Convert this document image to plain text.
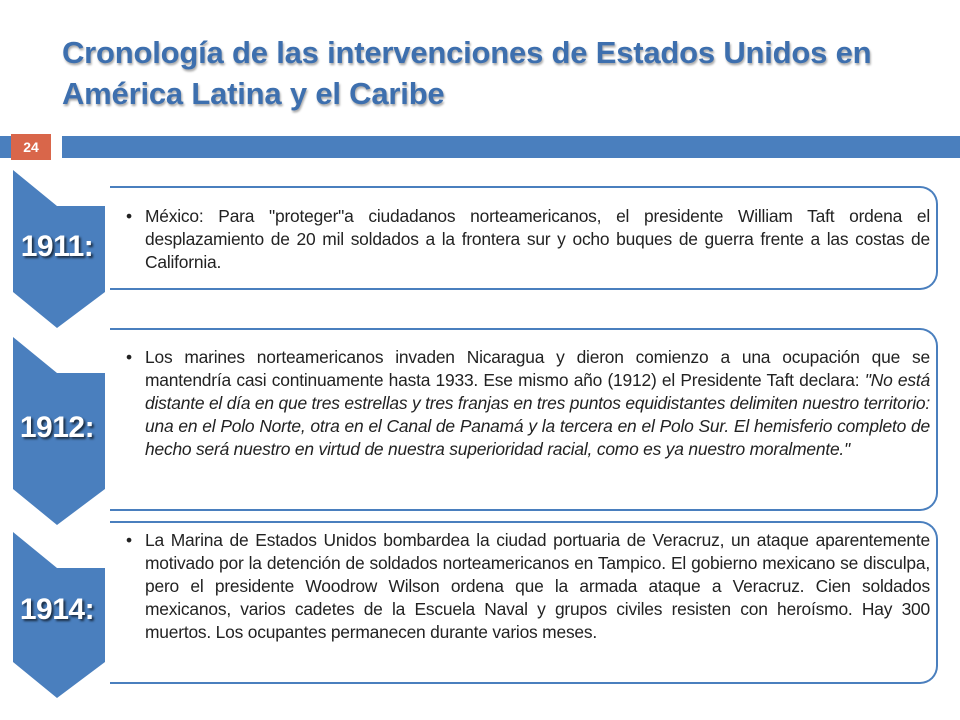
Cronología de las intervenciones de Estados Unidos en América Latina y el Caribe
24
1911:

• México: Para "proteger"a ciudadanos norteamericanos, el presidente William Taft ordena el desplazamiento de 20 mil soldados a la frontera sur y ocho buques de guerra frente a las costas de California.

1912:

• Los marines norteamericanos invaden Nicaragua y dieron comienzo a una ocupación que se mantendría casi continuamente hasta 1933. Ese mismo año (1912) el Presidente Taft declara: "No está distante el día en que tres estrellas y tres franjas en tres puntos equidistantes delimiten nuestro territorio: una en el Polo Norte, otra en el Canal de Panamá y la tercera en el Polo Sur. El hemisferio completo de hecho será nuestro en virtud de nuestra superioridad racial, como es ya nuestro moralmente."

1914:

• La Marina de Estados Unidos bombardea la ciudad portuaria de Veracruz, un ataque aparentemente motivado por la detención de soldados norteamericanos en Tampico. El gobierno mexicano se disculpa, pero el presidente Woodrow Wilson ordena que la armada ataque a Veracruz. Cien soldados mexicanos, varios cadetes de la Escuela Naval y grupos civiles resisten con heroísmo. Hay 300 muertos. Los ocupantes permanecen durante varios meses.
